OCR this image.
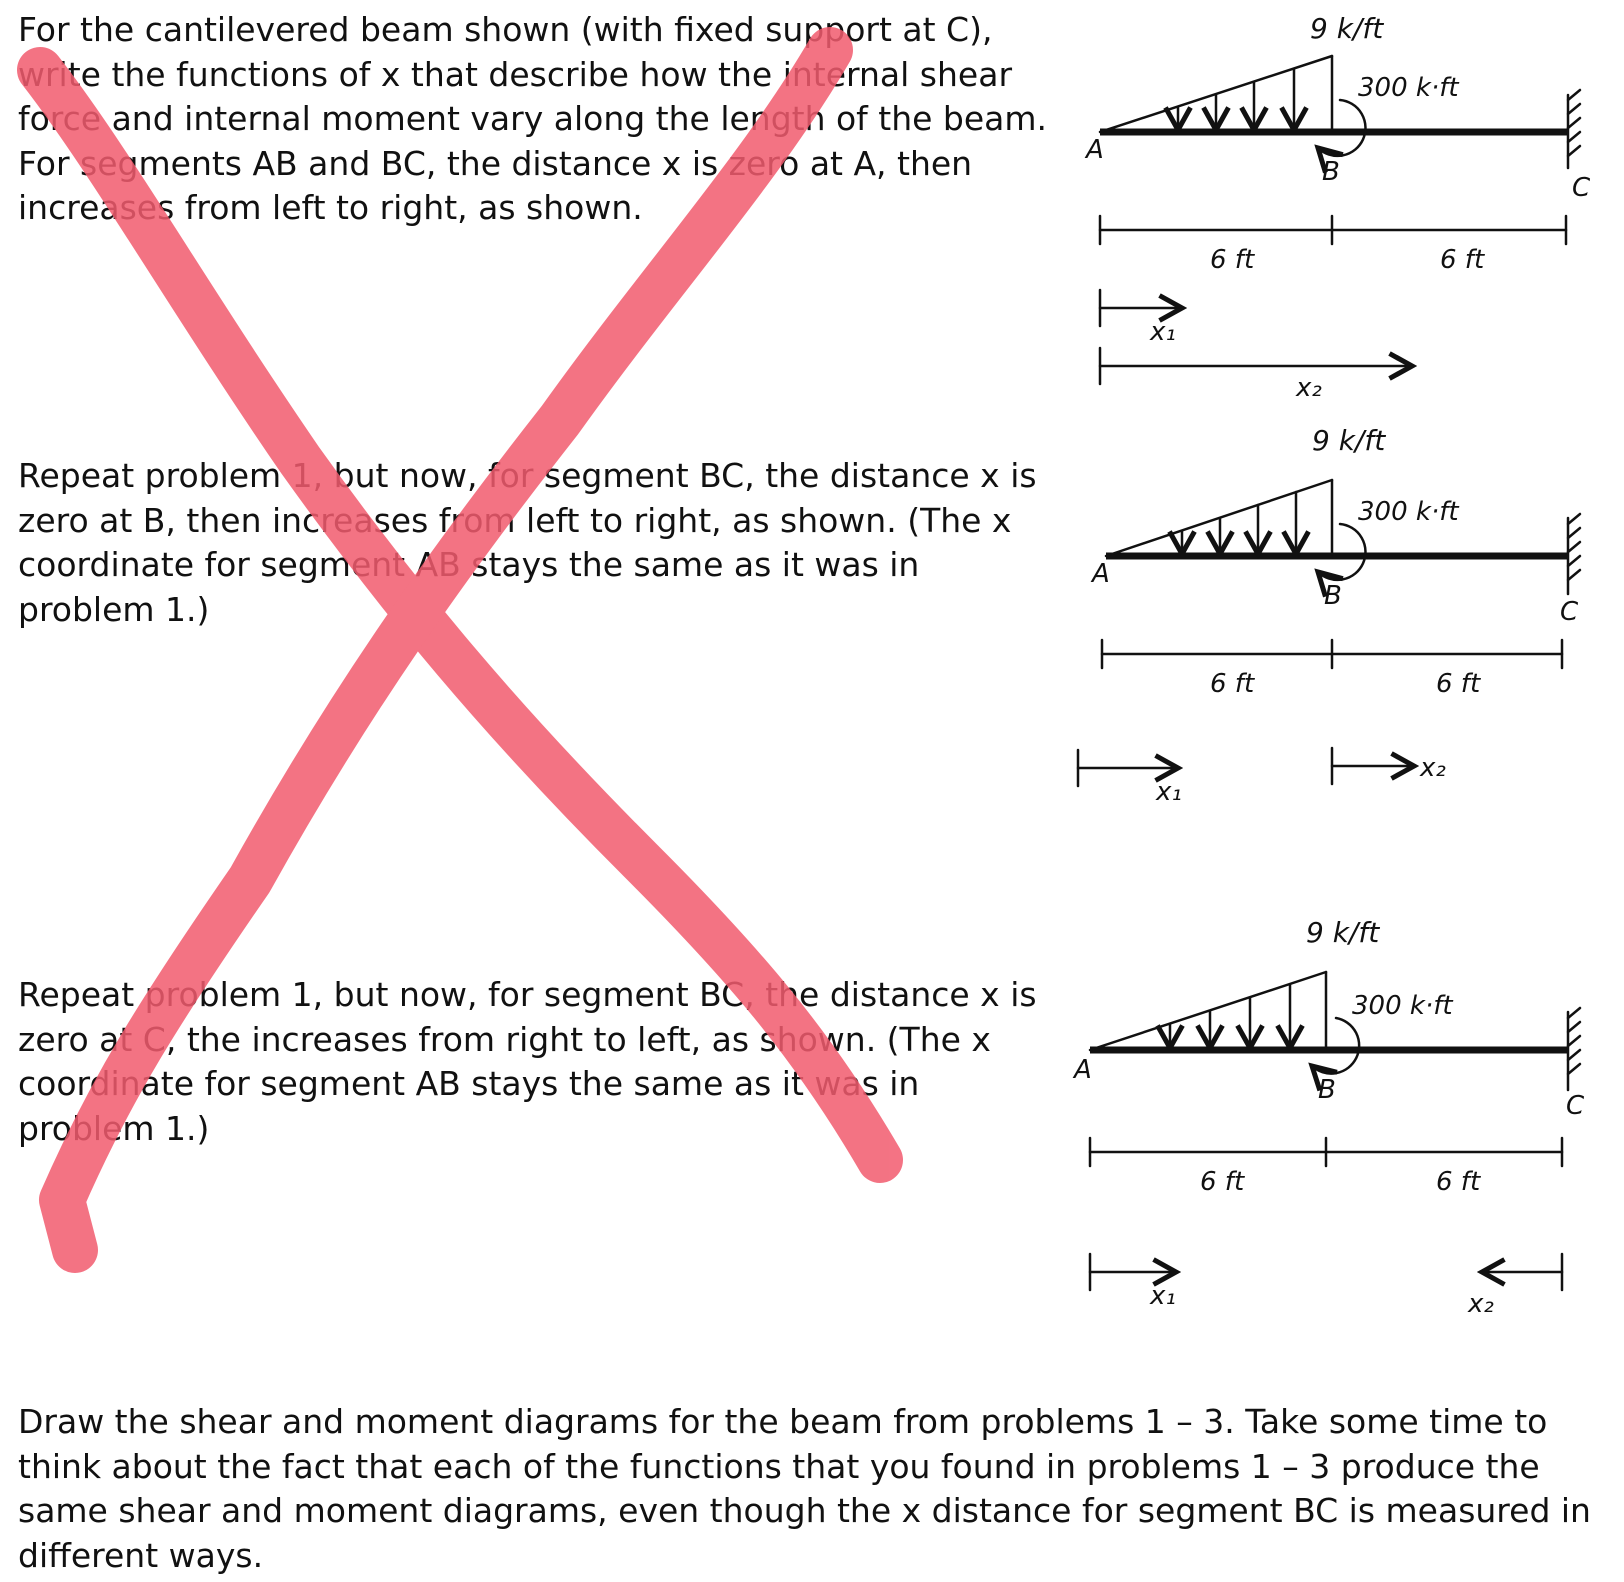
For the cantilevered beam shown (with fixed support at C), write the functions of x that describe how the internal shear force and internal moment vary along the length of the beam. For segments AB and BC, the distance x is zero at A, then increases from left to right, as shown.

Repeat problem 1, but now, for segment BC, the distance x is zero at B, then increases from left to right, as shown. (The x coordinate for segment AB stays the same as it was in problem 1.)

Repeat problem 1, but now, for segment BC, the distance x is zero at C, the increases from right to left, as shown. (The x coordinate for segment AB stays the same as it was in problem 1.)

Draw the shear and moment diagrams for the beam from problems 1 – 3. Take some time to think about the fact that each of the functions that you found in problems 1 – 3 produce the same shear and moment diagrams, even though the x distance for segment BC is measured in different ways.

9 k/ft
300 k·ft
A
B
C
6 ft	6 ft
x₁
x₂
9 k/ft
300 k·ft
A
B
C
6 ft	6 ft
x₁
x₂
9 k/ft
300 k·ft
A
B
C
6 ft	6 ft
x₁	x₂
